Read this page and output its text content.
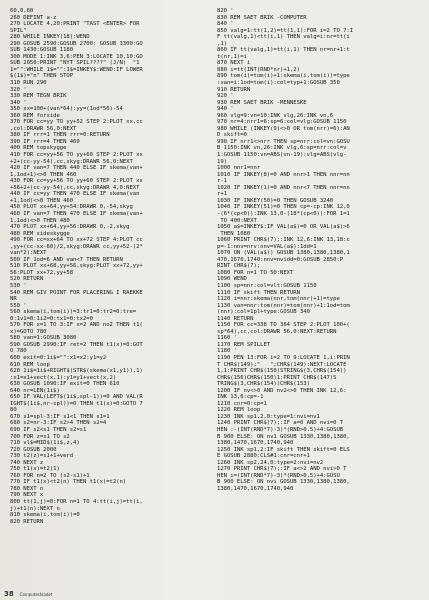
60,0,60
260 DEFINT a-z
270 LOCATE 4,20:PRINT "TAST <ENTER> FOR
SPIL"
280 WHILE INKEY(18):WEND
290 GOSUB 2590:GOSUB 2700: GOSUB 3300:GO
SUB 1430:GOSUB 1180
300 MODE 1:INK 3,6:PEN 3:LOCATE 10,10:GO
SUB 2050:PRINT "NYT SPIL????" (J/N)  "1
1="":WHILE 1$="":1$=INKEY$:WEND:IF LOWER
$(1$)="n" THEN STOP
310 RUN 290
320 '
330 REM TEGN BRIK
340 '
350 xx=100+(van*64):yy=(1od*56)-54
360 REM forside
370 FOR cc=yy TO yy+52 STEP 2:PLOT xx,cc
,col:DRAWR 56,0:NEXT
380 IF rrr=1 THEN rrr=0:RETURN
390 IF rrr=4 THEN 460
400 REM topskygge
410 FOR cc=yy+56 TO yy+60 STEP 2:PLOT xx
+2+(cc-yy-54),cc,skyg:DRAWR 56,0:NEXT
420 IF van=7 THEN 440 ELSE IF skema(van+
1,1od+1)<>0 THEN 460
430 FOR cc=yy+56 TO yy+60 STEP 2:PLOT xx
+56+2+(cc-yy-54),cc,skyg:DRAWR 4,0:NEXT
440 IF cc=yy THEN 470 ELSE IF skema(van
+1,1od)<>0 THEN 460
450 PLOT xx+64,yy+54:DRAWR 0,-54,skyg
460 IF van=7 THEN 470 ELSE IF skema(van+
1,1od)<>0 THEN 480
470 PLOT xx+64,yy+56:DRAWR 0,-2,skyg
480 REM sideskygge
490 FOR cc=xx+64 TO xx+72 STEP 4:PLOT cc
,yy+(cc-xx-60)/2,skyg:DRAWR cc,yy+52-(2*
van*2):NEXT
500 IF 1od=6 AND van<7 THEN RETURN
510 PLOT xx+68,yy+56,skyg:PLOT xx+72,yy+
56:PLOT xx+72,yy+58
520 RETURN
530 '
540 REM GIV POINT FOR PLACERING I RAEKKE
NR
550 '
560 skema(i,tom(i))=3:tr1=0:tr2=0:tre=
0:1v1=0:1i2=0:tx1=0:tx2=0
570 FOR x=1 TO 3:IF x=2 AND no2 THEN t1(
x)=GOTO 780
580 van=1:GOSUB 3080
590 GOSUB 2990:IF ret=2 THEN t1(x)=0:GOT
O 780
600 exit=0:1i$="":x1=x2:y1=y2
610 REM loop
620 1i$=1i$+RIGHT$(STR$(skema(x1,y1)),1)
:x1=x1+vect(x,1):y1=y1+vect(x,2)
630 GOSUB 1090:IF exit=0 THEN 610
640 nr=LEN(1i$)
650 IF VAL(LEFT$(1i$,spl-1))=0 AND VAL(R
IGHT$(1i$,nr-spl))=0 THEN t1(x)=0:GOTO 7
80
670 s1=spl-3:IF s1<1 THEN s1=1
680 s2=nr-3:IF s2>4 THEN s2=4
690 IF s2<s1 THEN s2=s1
700 FOR z=s1 TO s2
710 vl$=MID$(1i$,z,4)
720 GOSUB 2000
730 t2(z)=s1+1+verd
740 NEXT z
750 t1(x)=t2(1)
760 FOR n=2 TO (s2-s1)+1
770 IF t1(x)<t2(n) THEN t1(x)=t2(n)
780 NEXT n
790 NEXT x
800 tt(1,j)=0:FOR n=1 TO 4:tt(i,j)=tt(i,
j)+t1(n):NEXT n
810 skema(i,tom(i))=0
820 RETURN
820 '
830 REM SAET BRIK -COMPUTER
840 '
850 valg=1:tt(1,2)=tt(1,1):FOR i=2 TO 7:I
F tt(valg,1)<tt(i,1) THEN valg=i:nr=tt(i
,1)
860 IF tt(valg,1)=tt(i,1) THEN nr=nr+1:t
t(nr,1)=i
870 NEXT i
880 i=tt(INT(RND*nr)+1,2)
890 tom(i)=tom(i)+1:skema(i,tom(i))=type
:van=i:1od=tom(i):col=typ+1:GOSUB 350
910 RETURN
920 '
930 REM SAET BRIK -MENNESKE
940 '
960 vlg=9:vn=10:INK vlg,26:INK vn,6
970 nr=4:nrr1=6:sp=6:col=vlg:GOSUB 1150
980 WHILE (INKEY(9)<>0 OR tom(nrr)=6):AN
D skift=0
990 IF nrr1<>nrr THEN sp=nrr:col=vn:GOSU
B 1150:INK vn,26:INK vlg,6:sp=nrr:col=v
1:GOSUB 1150:vn=ABS(vn-19):vlg=ABS(vlg-
19)
1000 nnr1=nnr
1010 IF INKEY(8)=0 AND nnr>1 THEN nnr=nn
r-1
1020 IF INKEY(1)=0 AND nnr<7 THEN nnr=nn
r+1
1030 IF INKEY(50)=0 THEN GOSUB 3240
1040 IF INKEY(51)=0 THEN cp=-cp:INK 12,0
-(6*(cp<0)):INK 13,0-(18*(cp<0)):FOR 1=1
TO 400:NEXT
1050 a$=INKEY$:IF VAL(a$)=0 OR VAL(a$)>6
THEN 1080
1060 PRINT CHR$(7);:INK 12,6:INK 13,18:c
p=-1:nnv=nrv:nnv=VAL(a$):1dd=1
1070 ON (VAL(a$)) GOSUB 1380,1380,1380,1
470,1670,1740:nnv=nvidd=0:GOSUB 2850:P
RINT CHR$(7);
1080 FOR n=1 TO 50:NEXT
1090 WEND
1100 sp=nnr:col=vlt:GOSUB 1150
1110 IF skift THEN RETURN
1120 i=nnr:skema(nnr,tom(nnr)+1)=type
1130 van=nnr:tom(nnr)=tom(nnr)+1:1od=tom
(nnr):col=1pl+type:GOSUB 340
1140 RETURN
1150 FOR cc=338 TO 364 STEP 2:PLOT 100+(
sp*64),cc,col:DRAWR 56,0:NEXT:RETURN
1160 '
1170 REM SPILLET
1180 '
1190 PEN 13:FOR i=2 TO 9:LOCATE 1,i:PRIN
T CHR$(149);"   ";CHR$(149):NEXT:LOCATE
1,1:PRINT CHR$(150)STRING$(3,CHR$(154))
CHR$(156)CHR$(150)1:PRINT CHR$(147)S
TRING$(3,CHR$(154))CHR$(153)
1200 IF nv<>0 AND nv2<>0 THEN INK 12,6:
INK 13,6:cp=-1
1210 cnr=0:cp=1
1220 REM loop
1230 INK sp1,2,0:type=1:nvi=nv1
1240 PRINT CHR$(7);:IF a=0 AND nvi=0 T
HEN :-(INT(RND*7)-3)*(RND>0.5)+4:GOSUB
B 900 ELSE: ON nv1 GOSUB 1330,1380,1380,
1380,1470,1670,1740,940
1250 INK sp1,2:IF skift THEN skift=0 ELS
E GOSUB 2880:CLS#1:cnr=cnr+1
1260 INK sp2,24,0:type=2:nvi=nv2
1270 PRINT CHR$(7);:IF a<>2 AND nvi>0 T
HEN i=(INT(RND*7)-3)*(RND>0.5)+4:GOSU
B 900 ELSE: ON nvi GOSUB 1330,1380,1380,
1380,1470,1670,1740,940
38 Computerbladet
